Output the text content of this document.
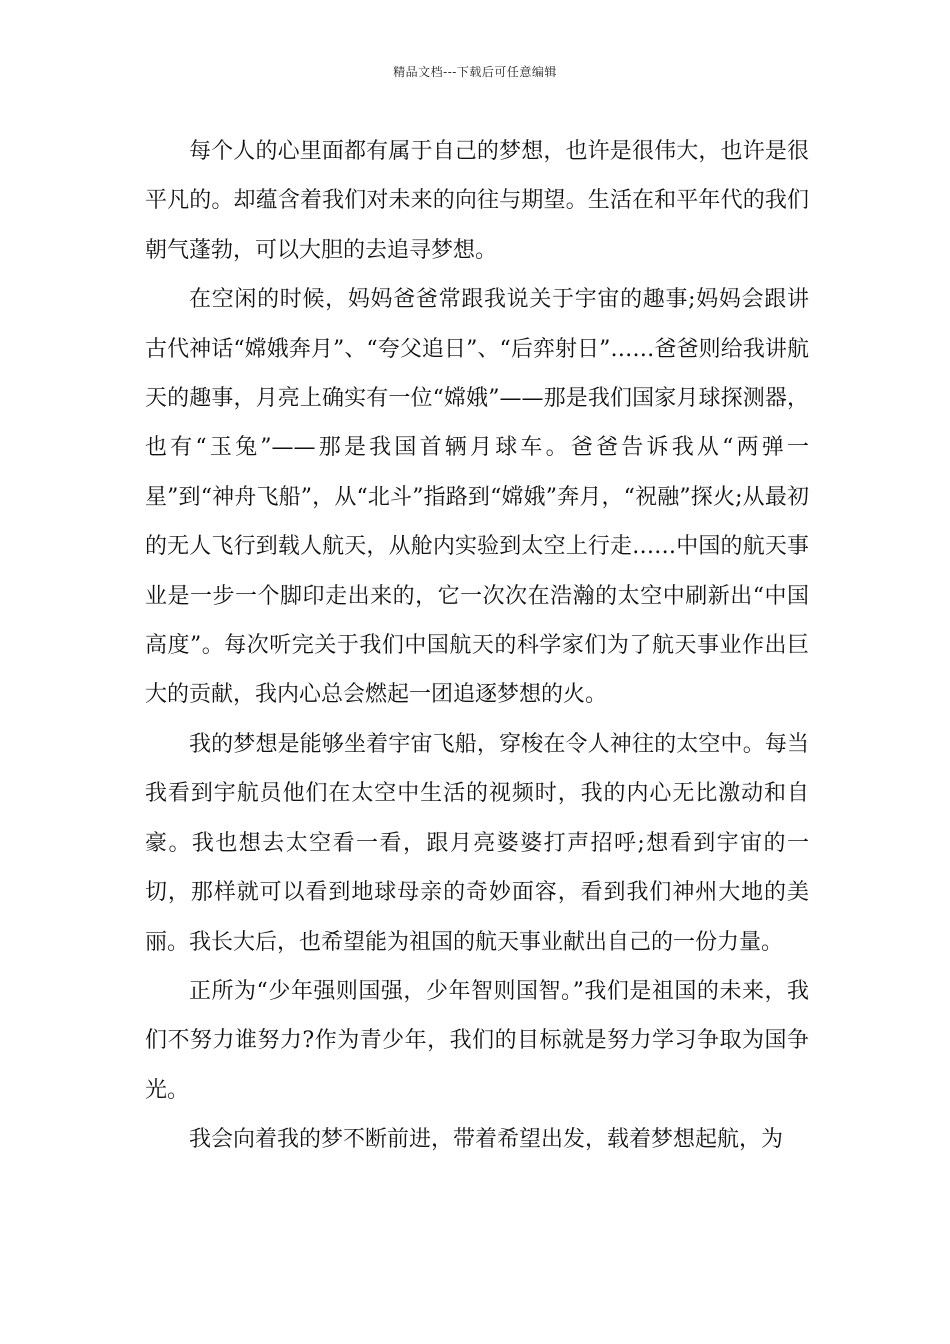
精品文档---下载后可任意编辑

每个人的心里面都有属于自己的梦想，也许是很伟大，也许是很平凡的。却蕴含着我们对未来的向往与期望。生活在和平年代的我们朝气蓬勃，可以大胆的去追寻梦想。

在空闲的时候，妈妈爸爸常跟我说关于宇宙的趣事;妈妈会跟讲古代神话“嫦娥奔月”、“夸父追日”、“后弈射日”……爸爸则给我讲航天的趣事，月亮上确实有一位“嫦娥”——那是我们国家月球探测器，也有“玉兔”——那是我国首辆月球车。爸爸告诉我从“两弹一星”到“神舟飞船”，从“北斗”指路到“嫦娥”奔月，“祝融”探火;从最初的无人飞行到载人航天，从舱内实验到太空上行走……中国的航天事业是一步一个脚印走出来的，它一次次在浩瀚的太空中刷新出“中国高度”。每次听完关于我们中国航天的科学家们为了航天事业作出巨大的贡献，我内心总会燃起一团追逐梦想的火。

我的梦想是能够坐着宇宙飞船，穿梭在令人神往的太空中。每当我看到宇航员他们在太空中生活的视频时，我的内心无比激动和自豪。我也想去太空看一看，跟月亮婆婆打声招呼;想看到宇宙的一切，那样就可以看到地球母亲的奇妙面容，看到我们神州大地的美丽。我长大后，也希望能为祖国的航天事业献出自己的一份力量。

正所为“少年强则国强，少年智则国智。”我们是祖国的未来，我们不努力谁努力?作为青少年，我们的目标就是努力学习争取为国争光。

我会向着我的梦不断前进，带着希望出发，载着梦想起航，为
